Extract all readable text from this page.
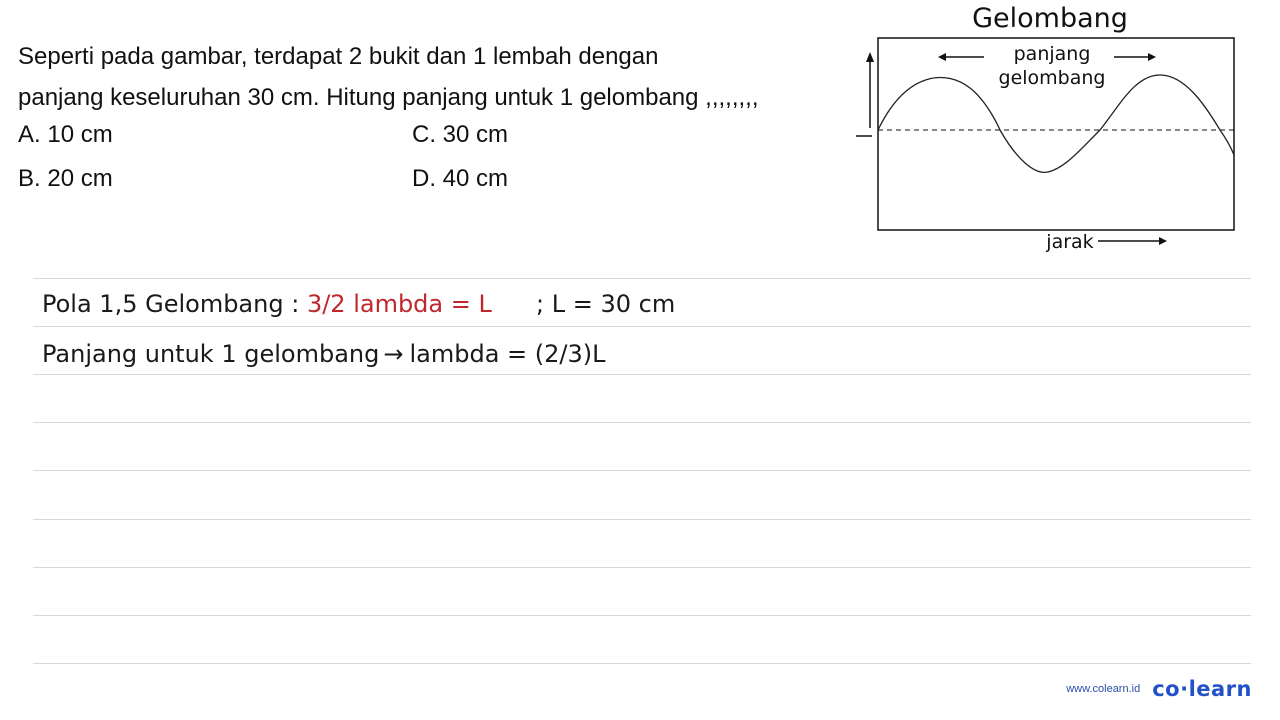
Seperti pada gambar, terdapat 2 bukit dan 1 lembah dengan
panjang keseluruhan 30 cm. Hitung panjang untuk 1 gelombang ,,,,,,,,
A. 10 cm
B. 20 cm
C. 30 cm
D. 40 cm
Gelombang
panjang
gelombang
jarak
Pola 1,5 Gelombang : 3/2 lambda = L ; L = 30 cm
Panjang untuk 1 gelombang → lambda = (2/3)L
www.colearn.id co·learn
